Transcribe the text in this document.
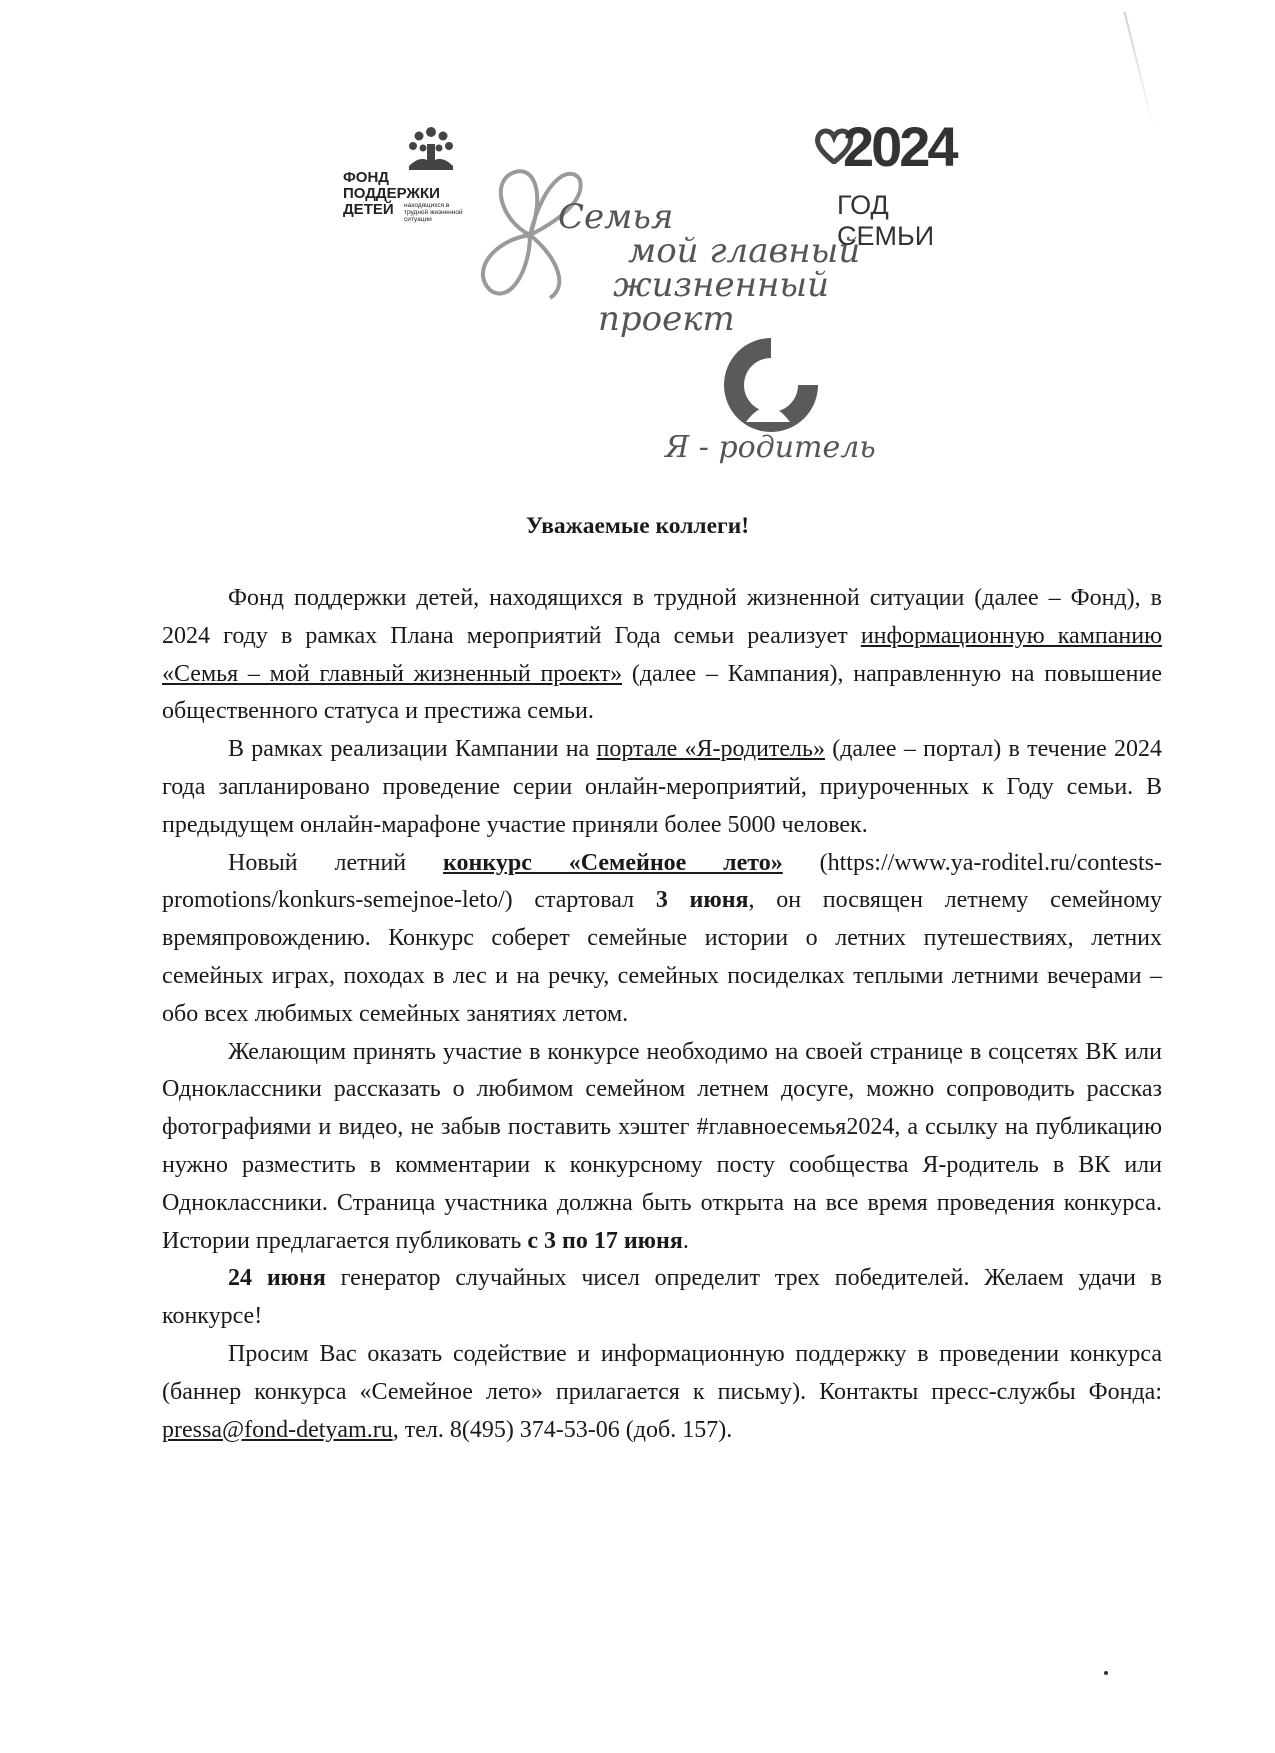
ФОНД
ПОДДЕРЖКИ
ДЕТЕЙ	находящихся в трудной жизненной ситуации
2024
ГОД СЕМЬИ
Семья
мой главный
жизненный
проект
Я - родитель
Уважаемые коллеги!

Фонд поддержки детей, находящихся в трудной жизненной ситуации (далее – Фонд), в 2024 году в рамках Плана мероприятий Года семьи реализует информационную кампанию «Семья – мой главный жизненный проект» (далее – Кампания), направленную на повышение общественного статуса и престижа семьи.

В рамках реализации Кампании на портале «Я-родитель» (далее – портал) в течение 2024 года запланировано проведение серии онлайн-мероприятий, приуроченных к Году семьи. В предыдущем онлайн-марафоне участие приняли более 5000 человек.

Новый летний конкурс «Семейное лето» (https://www.ya-roditel.ru/contests-promotions/konkurs-semejnoe-leto/) стартовал 3 июня, он посвящен летнему семейному времяпровождению. Конкурс соберет семейные истории о летних путешествиях, летних семейных играх, походах в лес и на речку, семейных посиделках теплыми летними вечерами – обо всех любимых семейных занятиях летом.

Желающим принять участие в конкурсе необходимо на своей странице в соцсетях ВК или Одноклассники рассказать о любимом семейном летнем досуге, можно сопроводить рассказ фотографиями и видео, не забыв поставить хэштег #главноесемья2024, а ссылку на публикацию нужно разместить в комментарии к конкурсному посту сообщества Я-родитель в ВК или Одноклассники. Страница участника должна быть открыта на все время проведения конкурса. Истории предлагается публиковать с 3 по 17 июня.

24 июня генератор случайных чисел определит трех победителей. Желаем удачи в конкурсе!

Просим Вас оказать содействие и информационную поддержку в проведении конкурса (баннер конкурса «Семейное лето» прилагается к письму). Контакты пресс-службы Фонда: pressa@fond-detyam.ru, тел. 8(495) 374-53-06 (доб. 157).
